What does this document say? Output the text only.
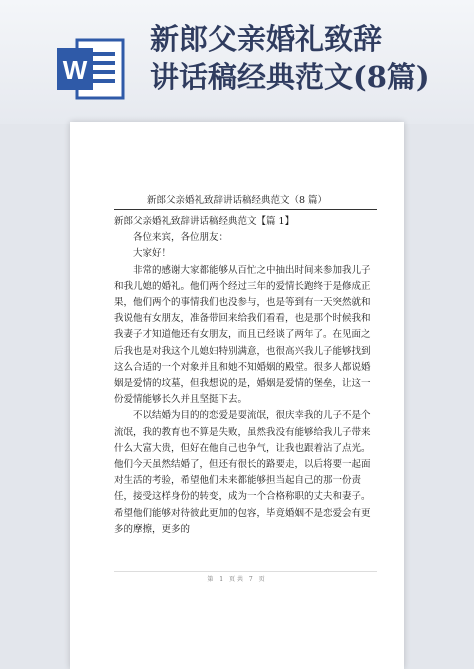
W
新郎父亲婚礼致辞
讲话稿经典范文(8篇)
新郎父亲婚礼致辞讲话稿经典范文（8 篇）

新郎父亲婚礼致辞讲话稿经典范文【篇 1】

各位来宾，各位朋友：

大家好！

非常的感谢大家都能够从百忙之中抽出时间来参加我儿子和我儿媳的婚礼。他们两个经过三年的爱情长跑终于是修成正果，他们两个的事情我们也没参与，也是等到有一天突然就和我说他有女朋友，准备带回来给我们看看，也是那个时候我和我妻子才知道他还有女朋友，而且已经谈了两年了。在见面之后我也是对我这个儿媳妇特别满意，也很高兴我儿子能够找到这么合适的一个对象并且和她不知婚姻的殿堂。很多人都说婚姻是爱情的坟墓，但我想说的是，婚姻是爱情的堡垒，让这一份爱情能够长久并且坚挺下去。

不以结婚为目的的恋爱是耍流氓，很庆幸我的儿子不是个流氓，我的教育也不算是失败，虽然我没有能够给我儿子带来什么大富大贵，但好在他自己也争气，让我也跟着沾了点光。他们今天虽然结婚了，但还有很长的路要走，以后将要一起面对生活的考验，希望他们未来都能够担当起自己的那一份责任，接受这样身份的转变，成为一个合格称职的丈夫和妻子。希望他们能够对待彼此更加的包容，毕竟婚姻不是恋爱会有更多的摩擦，更多的

第 1 页共 7 页
